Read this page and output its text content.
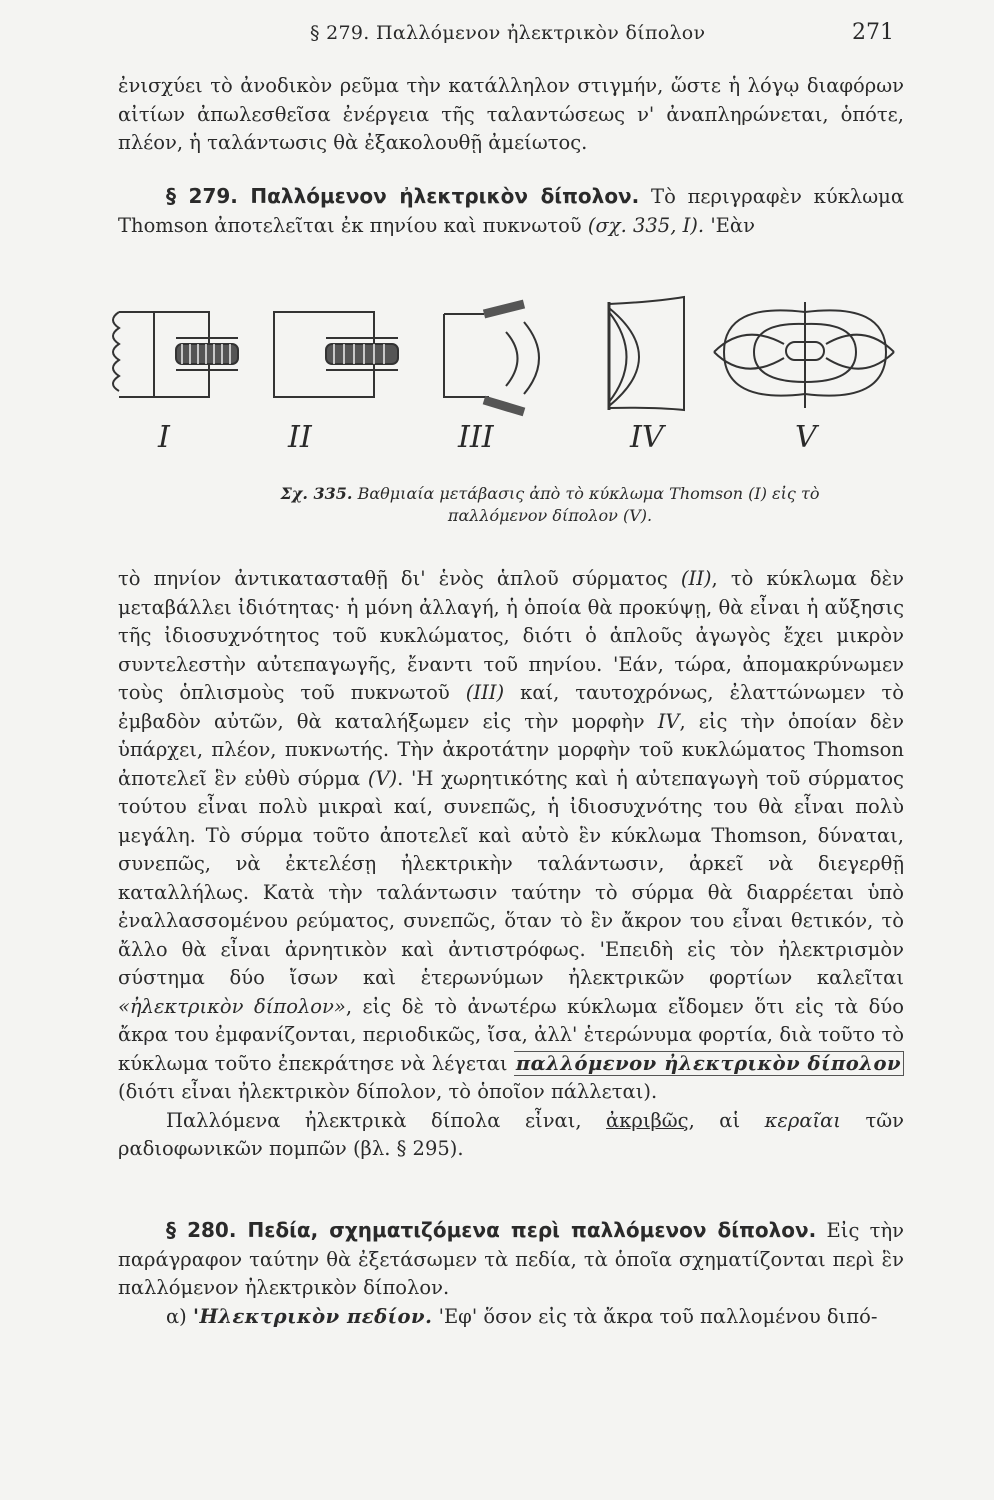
§ 279. Παλλόμενον ἠλεκτρικὸν δίπολον	271

ἐνισχύει τὸ ἀνοδικὸν ρεῦμα τὴν κατάλληλον στιγμήν, ὥστε ἡ λόγῳ διαφόρων αἰτίων ἀπωλεσθεῖσα ἐνέργεια τῆς ταλαντώσεως ν' ἀναπληρώνεται, ὁπότε, πλέον, ἡ ταλάντωσις θὰ ἐξακολουθῇ ἀμείωτος.

§ 279. Παλλόμενον ἠλεκτρικὸν δίπολον. Τὸ περιγραφὲν κύκλωμα Thomson ἀποτελεῖται ἐκ πηνίου καὶ πυκνωτοῦ (σχ. 335, I). 'Εὰν

I	II	III	IV	V
Σχ. 335. Βαθμιαία μετάβασις ἀπὸ τὸ κύκλωμα Thomson (I) εἰς τὸ παλλόμενον δίπολον (V).

τὸ πηνίον ἀντικατασταθῇ δι' ἑνὸς ἁπλοῦ σύρματος (II), τὸ κύκλωμα δὲν μεταβάλλει ἰδιότητας· ἡ μόνη ἀλλαγή, ἡ ὁποία θὰ προκύψῃ, θὰ εἶναι ἡ αὔξησις τῆς ἰδιοσυχνότητος τοῦ κυκλώματος, διότι ὁ ἁπλοῦς ἀγωγὸς ἔχει μικρὸν συντελεστὴν αὐτεπαγωγῆς, ἔναντι τοῦ πηνίου. 'Εάν, τώρα, ἀπομακρύνωμεν τοὺς ὁπλισμοὺς τοῦ πυκνωτοῦ (III) καί, ταυτοχρόνως, ἐλαττώνωμεν τὸ ἐμβαδὸν αὐτῶν, θὰ καταλήξωμεν εἰς τὴν μορφὴν IV, εἰς τὴν ὁποίαν δὲν ὑπάρχει, πλέον, πυκνωτής. Τὴν ἀκροτάτην μορφὴν τοῦ κυκλώματος Thomson ἀποτελεῖ ἓν εὐθὺ σύρμα (V). 'Η χωρητικότης καὶ ἡ αὐτεπαγωγὴ τοῦ σύρματος τούτου εἶναι πολὺ μικραὶ καί, συνεπῶς, ἡ ἰδιοσυχνότης του θὰ εἶναι πολὺ μεγάλη. Τὸ σύρμα τοῦτο ἀποτελεῖ καὶ αὐτὸ ἓν κύκλωμα Thomson, δύναται, συνεπῶς, νὰ ἐκτελέσῃ ἠλεκτρικὴν ταλάντωσιν, ἀρκεῖ νὰ διεγερθῇ καταλλήλως. Κατὰ τὴν ταλάντωσιν ταύτην τὸ σύρμα θὰ διαρρέεται ὑπὸ ἐναλλασσομένου ρεύματος, συνεπῶς, ὅταν τὸ ἓν ἄκρον του εἶναι θετικόν, τὸ ἄλλο θὰ εἶναι ἀρνητικὸν καὶ ἀντιστρόφως. 'Επειδὴ εἰς τὸν ἠλεκτρισμὸν σύστημα δύο ἴσων καὶ ἑτερωνύμων ἠλεκτρικῶν φορτίων καλεῖται «ἠλεκτρικὸν δίπολον», εἰς δὲ τὸ ἀνωτέρω κύκλωμα εἴδομεν ὅτι εἰς τὰ δύο ἄκρα του ἐμφανίζονται, περιοδικῶς, ἴσα, ἀλλ' ἑτερώνυμα φορτία, διὰ τοῦτο τὸ κύκλωμα τοῦτο ἐπεκράτησε νὰ λέγεται παλλόμενον ἠλεκτρικὸν δίπολον (διότι εἶναι ἠλεκτρικὸν δίπολον, τὸ ὁποῖον πάλλεται).

Παλλόμενα ἠλεκτρικὰ δίπολα εἶναι, ἀκριβῶς, αἱ κεραῖαι τῶν ραδιοφωνικῶν πομπῶν (βλ. § 295).

§ 280. Πεδία, σχηματιζόμενα περὶ παλλόμενον δίπολον. Εἰς τὴν παράγραφον ταύτην θὰ ἐξετάσωμεν τὰ πεδία, τὰ ὁποῖα σχηματίζονται περὶ ἓν παλλόμενον ἠλεκτρικὸν δίπολον.

α) 'Ηλεκτρικὸν πεδίον. 'Εφ' ὅσον εἰς τὰ ἄκρα τοῦ παλλομένου διπό-
